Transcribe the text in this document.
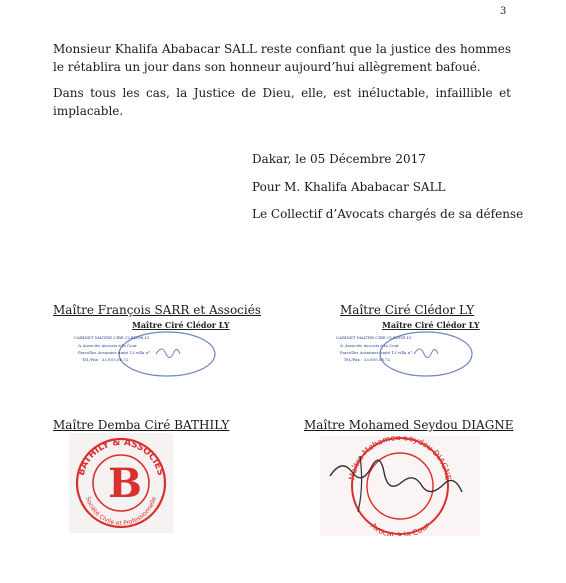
3

Monsieur Khalifa Ababacar SALL reste confiant que la justice des hommes le rétablira un jour dans son honneur aujourd’hui allègrement bafoué.

Dans tous les cas, la Justice de Dieu, elle, est inéluctable, infaillible et implacable.

Dakar, le 05 Décembre 2017
Pour M. Khalifa Ababacar SALL
Le Collectif d’Avocats chargés de sa défense
Maître François SARR et Associés
Maître Ciré Clédor LY
CABINET MAITRE CIRE CLEDOR LY
& Associés Avocats à la Cour
Parcelles Assainies unité 13 villa n°
Tél./Fax : 33.855.56.72
Maître Ciré Clédor LY
Maître Ciré Clédor LY
CABINET MAITRE CIRE CLEDOR LY
& Associés Avocats à la Cour
Parcelles Assainies unité 13 villa n°
Tél./Fax : 33.855.56.72
Maître Demba Ciré BATHILY
BATHILY & ASSOCIES
Société Civile et Professionnelle
B
Maître Mohamed Seydou DIAGNE
Maître Mohamed Seydou DIAGNE
Avocat à la Cour
